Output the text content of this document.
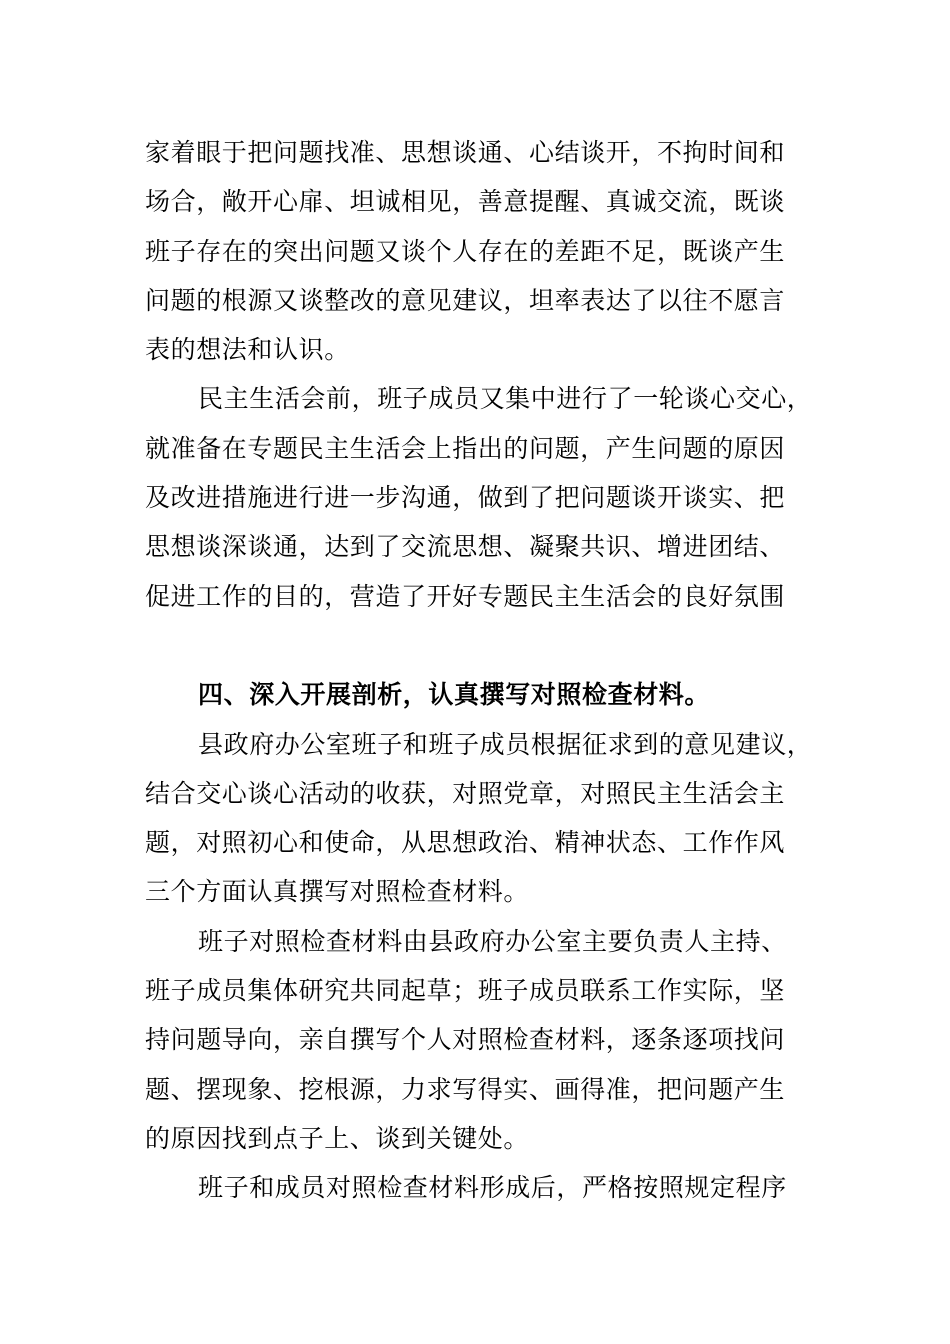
家着眼于把问题找准、思想谈通、心结谈开，不拘时间和
场合，敞开心扉、坦诚相见，善意提醒、真诚交流，既谈
班子存在的突出问题又谈个人存在的差距不足，既谈产生
问题的根源又谈整改的意见建议，坦率表达了以往不愿言
表的想法和认识。
民主生活会前，班子成员又集中进行了一轮谈心交心，
就准备在专题民主生活会上指出的问题，产生问题的原因
及改进措施进行进一步沟通，做到了把问题谈开谈实、把
思想谈深谈通，达到了交流思想、凝聚共识、增进团结、
促进工作的目的，营造了开好专题民主生活会的良好氛围
四、深入开展剖析，认真撰写对照检查材料。
县政府办公室班子和班子成员根据征求到的意见建议，
结合交心谈心活动的收获，对照党章，对照民主生活会主
题，对照初心和使命，从思想政治、精神状态、工作作风
三个方面认真撰写对照检查材料。
班子对照检查材料由县政府办公室主要负责人主持、
班子成员集体研究共同起草；班子成员联系工作实际，坚
持问题导向，亲自撰写个人对照检查材料，逐条逐项找问
题、摆现象、挖根源，力求写得实、画得准，把问题产生
的原因找到点子上、谈到关键处。
班子和成员对照检查材料形成后，严格按照规定程序
